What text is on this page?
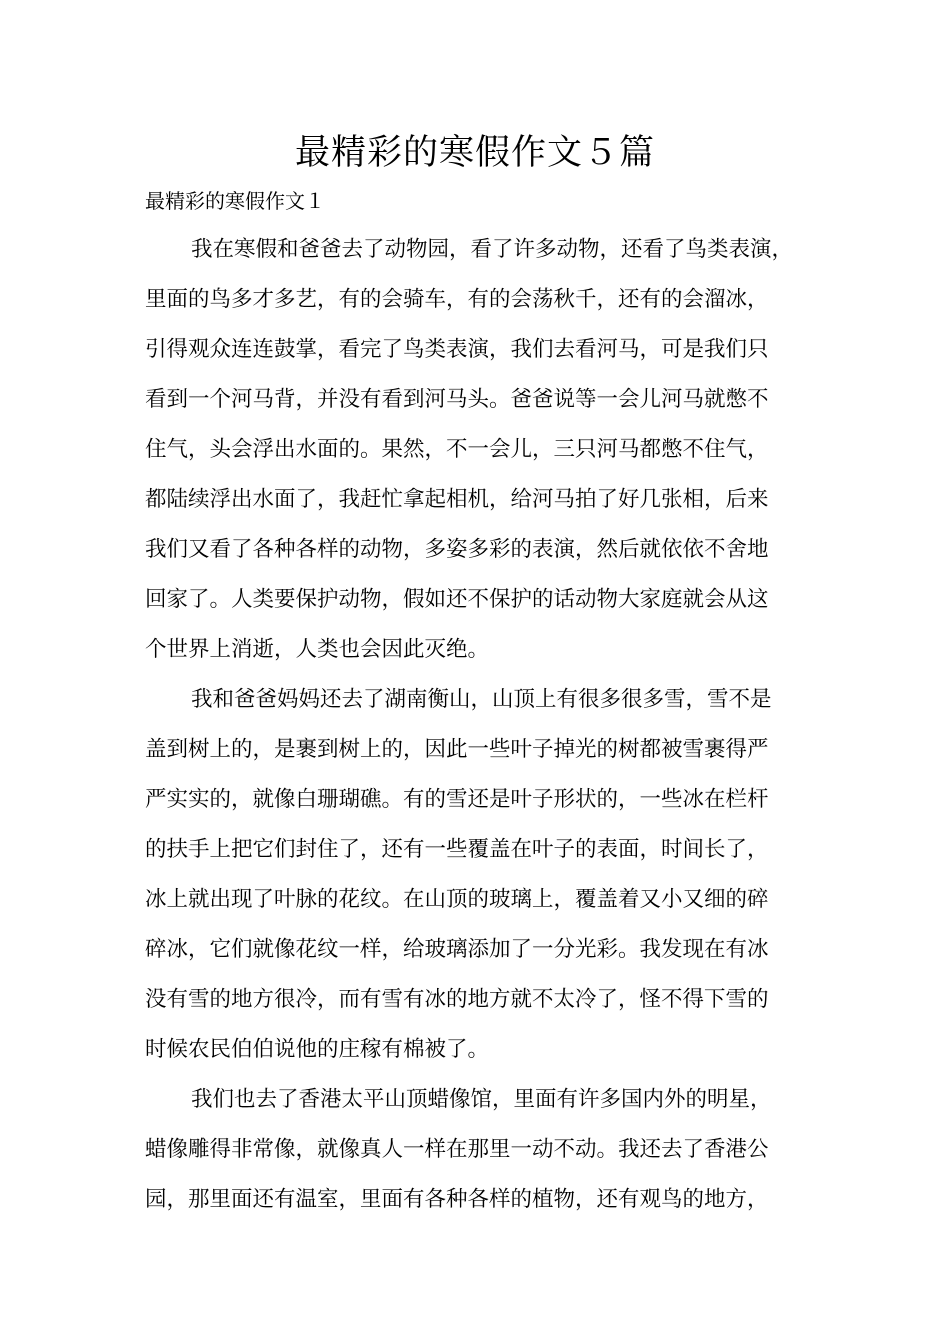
最精彩的寒假作文５篇

最精彩的寒假作文１

我在寒假和爸爸去了动物园，看了许多动物，还看了鸟类表演，

里面的鸟多才多艺，有的会骑车，有的会荡秋千，还有的会溜冰，

引得观众连连鼓掌，看完了鸟类表演，我们去看河马，可是我们只

看到一个河马背，并没有看到河马头。爸爸说等一会儿河马就憋不

住气，头会浮出水面的。果然，不一会儿，三只河马都憋不住气，

都陆续浮出水面了，我赶忙拿起相机，给河马拍了好几张相，后来

我们又看了各种各样的动物，多姿多彩的表演，然后就依依不舍地

回家了。人类要保护动物，假如还不保护的话动物大家庭就会从这

个世界上消逝，人类也会因此灭绝。

我和爸爸妈妈还去了湖南衡山，山顶上有很多很多雪，雪不是

盖到树上的，是裹到树上的，因此一些叶子掉光的树都被雪裹得严

严实实的，就像白珊瑚礁。有的雪还是叶子形状的，一些冰在栏杆

的扶手上把它们封住了，还有一些覆盖在叶子的表面，时间长了，

冰上就出现了叶脉的花纹。在山顶的玻璃上，覆盖着又小又细的碎

碎冰，它们就像花纹一样，给玻璃添加了一分光彩。我发现在有冰

没有雪的地方很冷，而有雪有冰的地方就不太冷了，怪不得下雪的

时候农民伯伯说他的庄稼有棉被了。

我们也去了香港太平山顶蜡像馆，里面有许多国内外的明星，

蜡像雕得非常像，就像真人一样在那里一动不动。我还去了香港公

园，那里面还有温室，里面有各种各样的植物，还有观鸟的地方，
